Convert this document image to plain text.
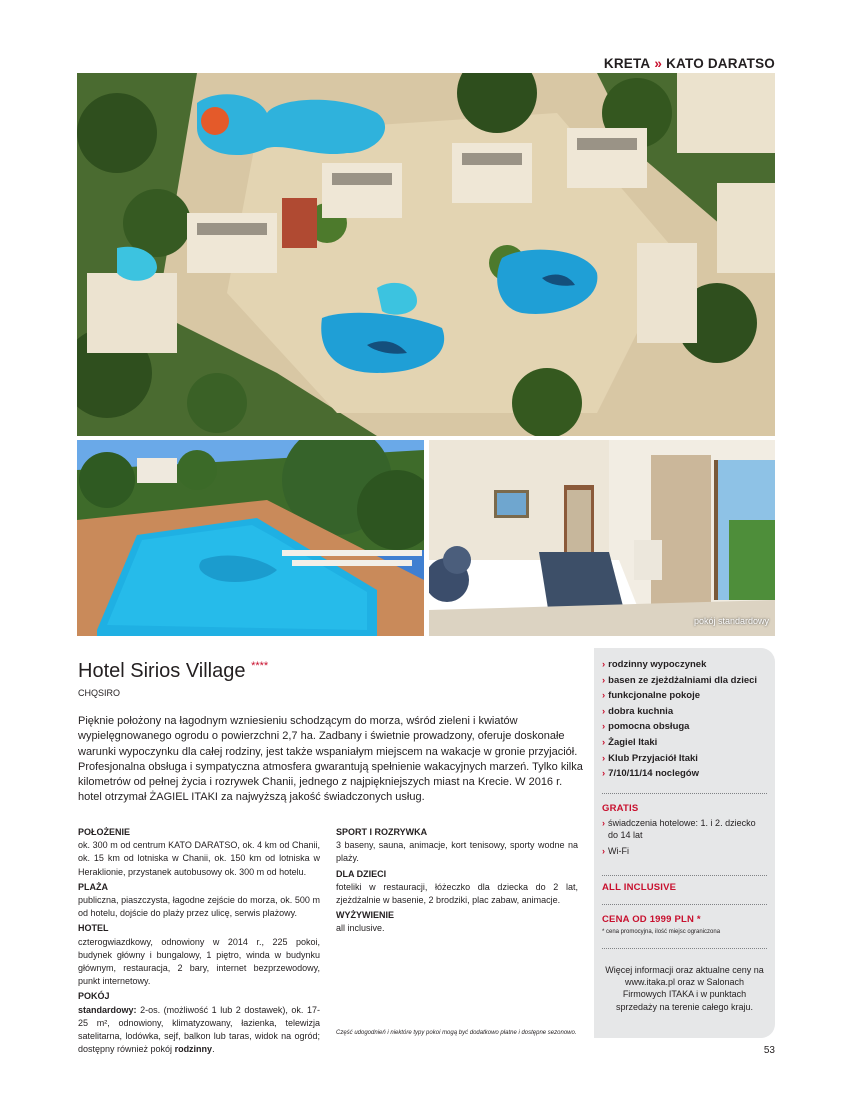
KRETA » KATO DARATSO
pokój standardowy
Hotel Sirios Village ****
CHQSIRO
Pięknie położony na łagodnym wzniesieniu schodzącym do morza, wśród zieleni i kwiatów wypielęgnowanego ogrodu o powierzchni 2,7 ha. Zadbany i świetnie prowadzony, oferuje doskonałe warunki wypoczynku dla całej rodziny, jest także wspaniałym miejscem na wakacje w gronie przyjaciół. Profesjonalna obsługa i sympatyczna atmosfera gwarantują spełnienie wakacyjnych marzeń. Tylko kilka kilometrów od pełnej życia i rozrywek Chanii, jednego z najpiękniejszych miast na Krecie. W 2016 r. hotel otrzymał ŻAGIEL ITAKI za najwyższą jakość świadczonych usług.
POŁOŻENIE

ok. 300 m od centrum KATO DARATSO, ok. 4 km od Chanii, ok. 15 km od lotniska w Chanii, ok. 150 km od lotniska w Heraklionie, przystanek autobusowy ok. 300 m od hotelu.

PLAŻA

publiczna, piaszczysta, łagodne zejście do morza, ok. 500 m od hotelu, dojście do plaży przez ulicę, serwis plażowy.

HOTEL

czterogwiazdkowy, odnowiony w 2014 r., 225 pokoi, budynek główny i bungalowy, 1 piętro, winda w budynku głównym, restauracja, 2 bary, internet bezprzewodowy, punkt internetowy.

POKÓJ

standardowy: 2-os. (możliwość 1 lub 2 dostawek), ok. 17-25 m², odnowiony, klimatyzowany, łazienka, telewizja satelitarna, lodówka, sejf, balkon lub taras, widok na ogród; dostępny również pokój rodzinny.

SPORT I ROZRYWKA

3 baseny, sauna, animacje, kort tenisowy, sporty wodne na plaży.

DLA DZIECI

foteliki w restauracji, łóżeczko dla dziecka do 2 lat, zjeżdżalnie w basenie, 2 brodziki, plac zabaw, animacje.

WYŻYWIENIE

all inclusive.

Część udogodnień i niektóre typy pokoi mogą być dodatkowo płatne i dostępne sezonowo.
› rodzinny wypoczynek
› basen ze zjeżdżalniami dla dzieci
› funkcjonalne pokoje
› dobra kuchnia
› pomocna obsługa
› Żagiel Itaki
› Klub Przyjaciół Itaki
› 7/10/11/14 noclegów
GRATIS
› świadczenia hotelowe: 1. i 2. dziecko do 14 lat
› Wi-Fi
ALL INCLUSIVE
CENA OD 1999 PLN *
* cena promocyjna, ilość miejsc ograniczona
Więcej informacji oraz aktualne ceny na www.itaka.pl oraz w Salonach Firmowych ITAKA i w punktach sprzedaży na terenie całego kraju.
53
